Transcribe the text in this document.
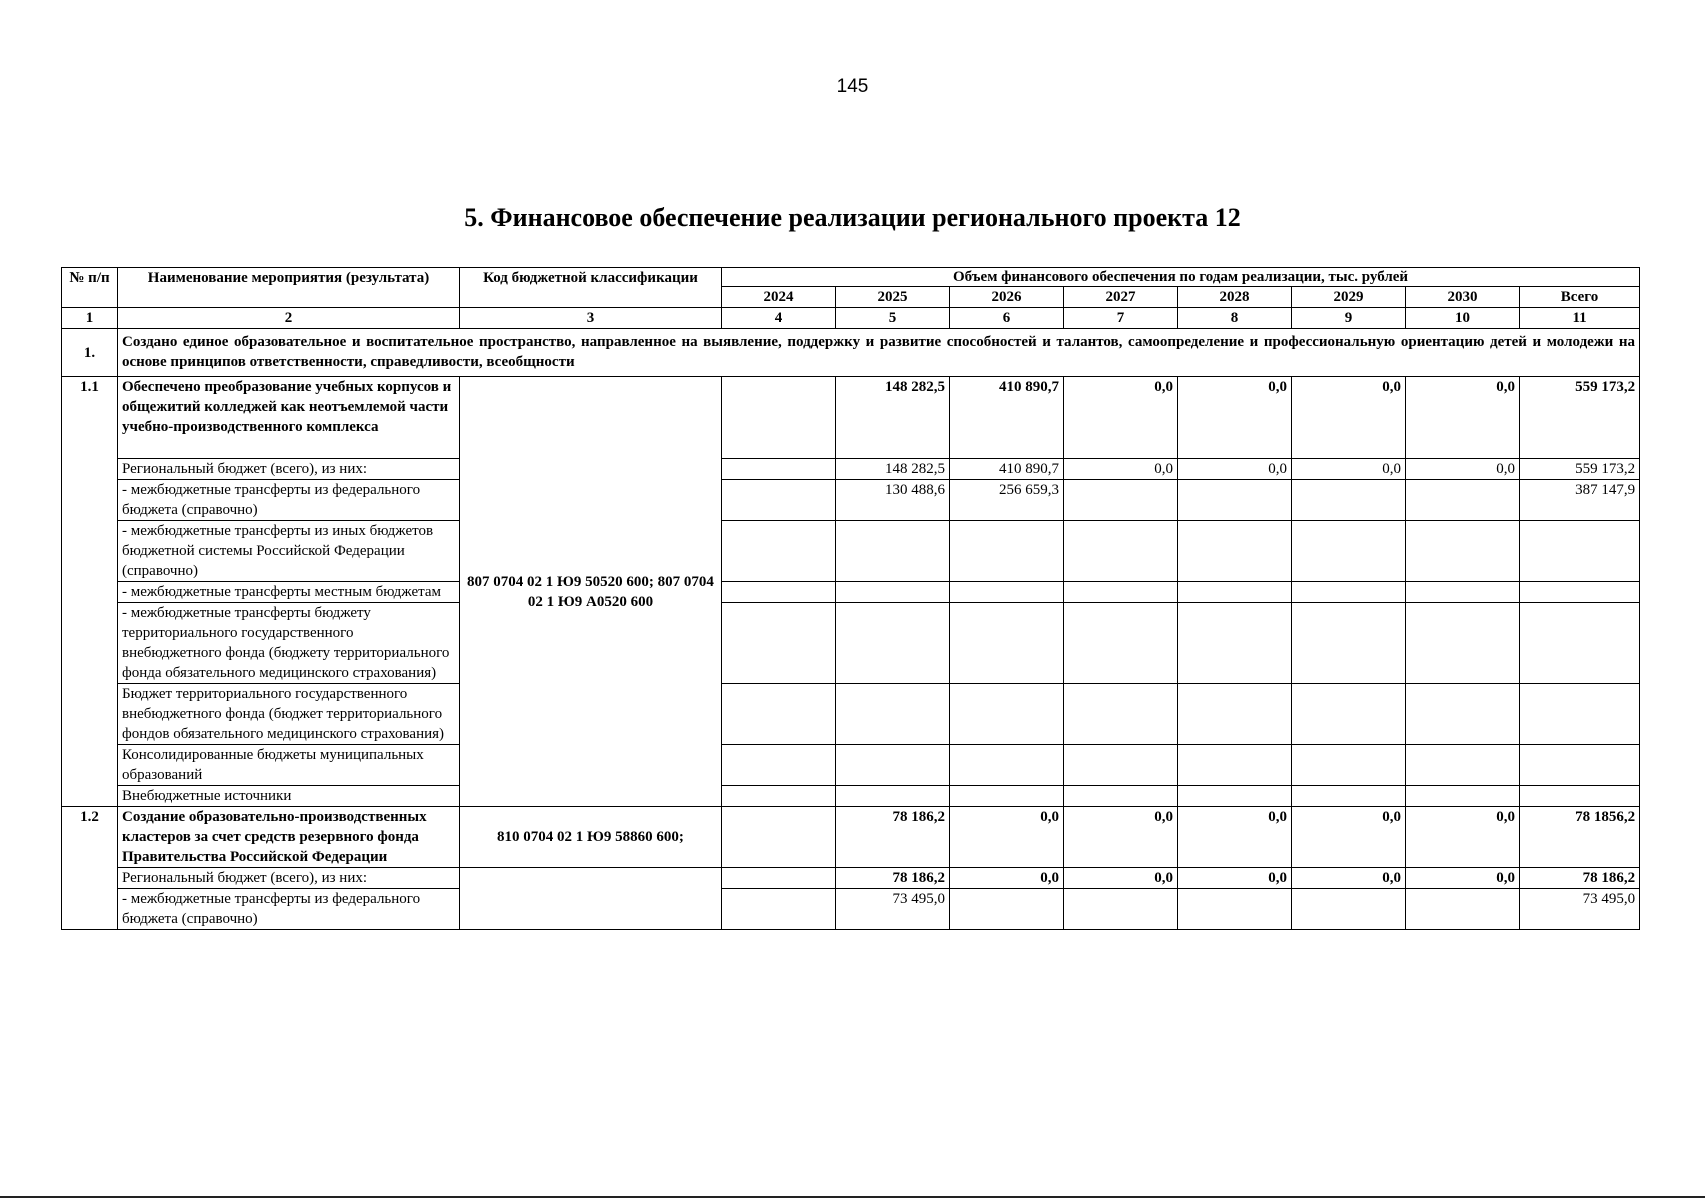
145
5. Финансовое обеспечение реализации регионального проекта 12
№ п/п	Наименование мероприятия (результата)	Код бюджетной классификации	Объем финансового обеспечения по годам реализации, тыс. рублей							
			2024	2025	2026	2027	2028	2029	2030	Всего
1	2	3	4	5	6	7	8	9	10	11
1.	Создано единое образовательное и воспитательное пространство, направленное на выявление, поддержку и развитие способностей и талантов, самоопределение и профессиональную ориентацию детей и молодежи на основе принципов ответственности, справедливости, всеобщности									
1.1	Обеспечено преобразование учебных корпусов и общежитий колледжей как неотъемлемой части учебно-производственного комплекса	807 0704 02 1 Ю9 50520 600; 807 0704 02 1 Ю9 А0520 600		148 282,5	410 890,7	0,0	0,0	0,0	0,0	559 173,2
	Региональный бюджет (всего), из них:			148 282,5	410 890,7	0,0	0,0	0,0	0,0	559 173,2
	- межбюджетные трансферты из федерального бюджета (справочно)			130 488,6	256 659,3					387 147,9
	- межбюджетные трансферты из иных бюджетов бюджетной системы Российской Федерации (справочно)									
	- межбюджетные трансферты местным бюджетам									
	- межбюджетные трансферты бюджету территориального государственного внебюджетного фонда (бюджету территориального фонда обязательного медицинского страхования)									
	Бюджет территориального государственного внебюджетного фонда (бюджет территориального фондов обязательного медицинского страхования)									
	Консолидированные бюджеты муниципальных образований									
	Внебюджетные источники									
1.2	Создание образовательно-производственных кластеров за счет средств резервного фонда Правительства Российской Федерации	810 0704 02 1 Ю9 58860 600;		78 186,2	0,0	0,0	0,0	0,0	0,0	78 1856,2
	Региональный бюджет (всего), из них:			78 186,2	0,0	0,0	0,0	0,0	0,0	78 186,2
	- межбюджетные трансферты из федерального бюджета (справочно)			73 495,0						73 495,0
